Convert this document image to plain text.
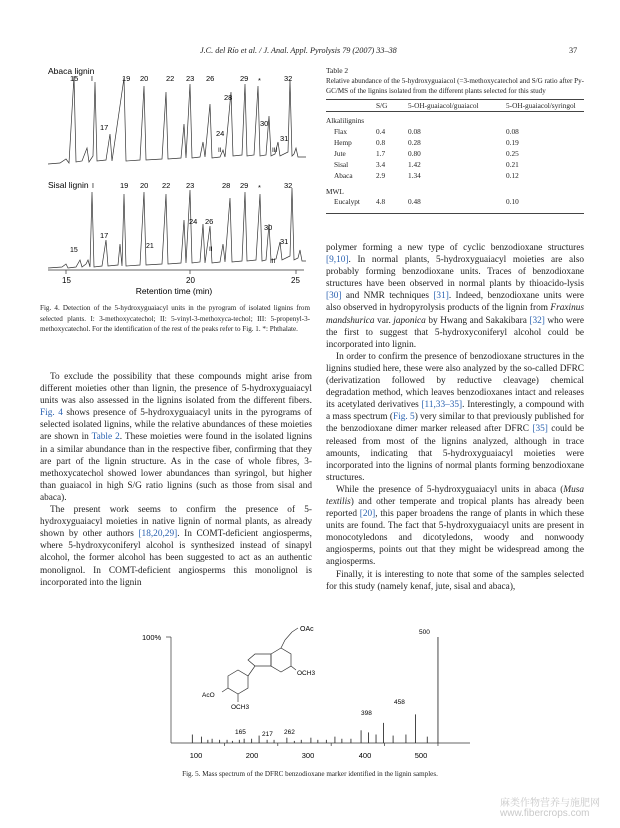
J.C. del Río et al. / J. Anal. Appl. Pyrolysis 79 (2007) 33–38	37
Abaca lignin
15 I	19 20 22 23 26
28
29 *	32
17
24
II
30
31
III
Sisal lignin I	19 20 22 23	28 29 *	32
17
24 26
II
30
31
III
15
21
15	20	25
Retention time (min)
Fig. 4. Detection of the 5-hydroxyguaiacyl units in the pyrogram of isolated lignins from selected plants. I: 3-methoxycatechol; II: 5-vinyl-3-methoxyca-techol; III: 5-propenyl-3-methoxycatechol. For the identification of the rest of the peaks refer to Fig. 1. *: Phthalate.

To exclude the possibility that these compounds might arise from different moieties other than lignin, the presence of 5-hydroxyguaiacyl units was also assessed in the lignins isolated from the different fibers. Fig. 4 shows presence of 5-hydroxyguaiacyl units in the pyrograms of selected isolated lignins, while the relative abundances of these moieties are shown in Table 2. These moieties were found in the isolated lignins in a similar abundance than in the respective fiber, confirming that they are part of the lignin structure. As in the case of whole fibres, 3-methoxycatechol showed lower abundances than syringol, but higher than guaiacol in high S/G ratio lignins (such as those from sisal and abaca).

The present work seems to confirm the presence of 5-hydroxyguaiacyl moieties in native lignin of normal plants, as already shown by other authors [18,20,29]. In COMT-deficient angiosperms, where 5-hydroxyconiferyl alcohol is synthesized instead of sinapyl alcohol, the former alcohol has been suggested to act as an authentic monolignol. In COMT-deficient angiosperms this monolignol is incorporated into the lignin

Table 2
Relative abundance of the 5-hydroxyguaiacol (=3-methoxycatechol and S/G ratio after Py-GC/MS of the lignins isolated from the different plants selected for this study
	S/G	5-OH-guaiacol/guaiacol	5-OH-guaiacol/syringol

Alkalilignins			
Flax	0.4	0.08	0.08
Hemp	0.8	0.28	0.19
Jute	1.7	0.80	0.25
Sisal	3.4	1.42	0.21
Abaca	2.9	1.34	0.12

MWL			
Eucalypt	4.8	0.48	0.10

polymer forming a new type of cyclic benzodioxane structures [9,10]. In normal plants, 5-hydroxyguaiacyl moieties are also probably forming benzodioxane units. Traces of benzodioxane structures have been observed in normal plants by thioacido-lysis [30] and NMR techniques [31]. Indeed, benzodioxane units were also observed in hydropyrolysis products of the lignin from Fraxinus mandshurica var. japonica by Hwang and Sakakibara [32] who were the first to suggest that 5-hydroxyconiferyl alcohol could be incorporated into lignin.

In order to confirm the presence of benzodioxane structures in the lignins studied here, these were also analyzed by the so-called DFRC (derivatization followed by reductive cleavage) chemical degradation method, which leaves benzodioxanes intact and releases its acetylated derivatives [11,33–35]. Interestingly, a compound with a mass spectrum (Fig. 5) very similar to that previously published for the benzodioxane dimer marker released after DFRC [35] could be released from most of the lignins analyzed, although in trace amounts, indicating that 5-hydroxyguaiacyl moieties were incorporated into the lignins of normal plants forming benzodioxane structures.

While the presence of 5-hydroxyguaiacyl units in abaca (Musa textilis) and other temperate and tropical plants has already been reported [20], this paper broadens the range of plants in which these units are found. The fact that 5-hydroxyguaiacyl units are present in monocotyledons and dicotyledons, woody and nonwoody angiosperms, points out that they might be widespread among the angiosperms.

Finally, it is interesting to note that some of the samples selected for this study (namely kenaf, jute, sisal and abaca),

100%
165 217 262
398
458
500
100	200	300	400	500
OAc
OCH3
AcO
OCH3
Fig. 5. Mass spectrum of the DFRC benzodioxane marker identified in the lignin samples.
麻类作物营养与施肥网
www.fibercrops.com
